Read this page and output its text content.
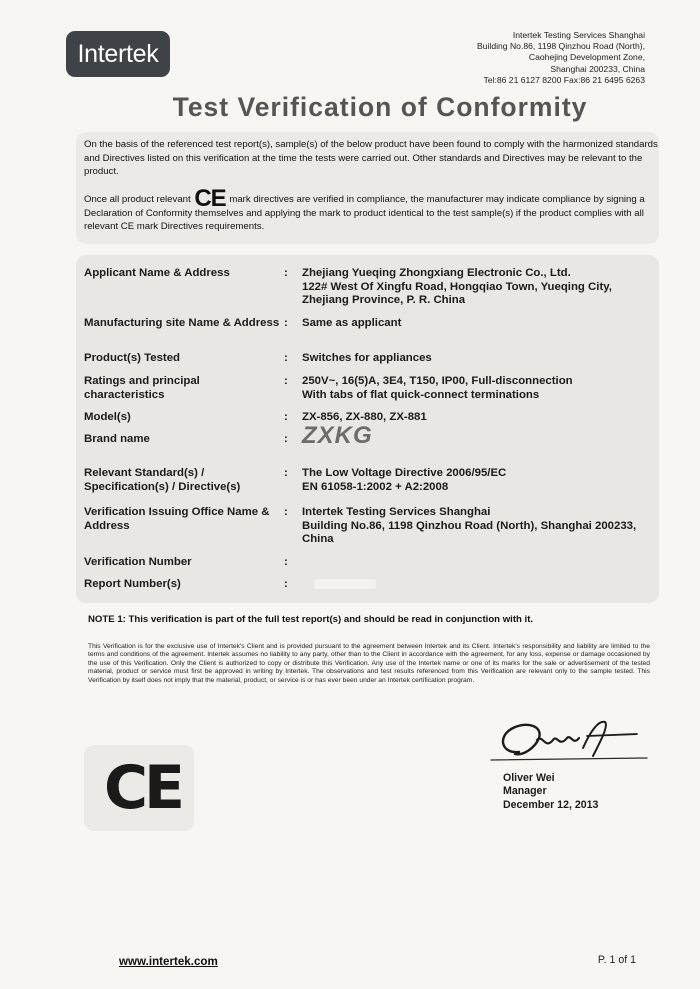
Intertek
Intertek Testing Services Shanghai
Building No.86, 1198 Qinzhou Road (North),
Caohejing Development Zone,
Shanghai 200233, China
Tel:86 21 6127 8200 Fax:86 21 6495 6263
Test Verification of Conformity

On the basis of the referenced test report(s), sample(s) of the below product have been found to comply with the harmonized standards and Directives listed on this verification at the time the tests were carried out. Other standards and Directives may be relevant to the product.

Once all product relevant CE mark directives are verified in compliance, the manufacturer may indicate compliance by signing a Declaration of Conformity themselves and applying the mark to product identical to the test sample(s) if the product complies with all relevant CE mark Directives requirements.

Applicant Name & Address	:	Zhejiang Yueqing Zhongxiang Electronic Co., Ltd.
122# West Of Xingfu Road, Hongqiao Town, Yueqing City, Zhejiang Province, P. R. China
Manufacturing site Name & Address :	Same as applicant
Product(s) Tested	:	Switches for appliances
Ratings and principal characteristics
:	250V~, 16(5)A, 3E4, T150, IP00, Full-disconnection
With tabs of flat quick-connect terminations
Model(s)	:	ZX-856, ZX-880, ZX-881
Brand name	: ZXKG
Relevant Standard(s) / Specification(s) / Directive(s)
:	The Low Voltage Directive 2006/95/EC
EN 61058-1:2002 + A2:2008
Verification Issuing Office Name & Address
:	Intertek Testing Services Shanghai
Building No.86, 1198 Qinzhou Road (North), Shanghai 200233, China
Verification Number	:
Report Number(s)	:
NOTE 1: This verification is part of the full test report(s) and should be read in conjunction with it.
This Verification is for the exclusive use of Intertek's Client and is provided pursuant to the agreement between Intertek and its Client. Intertek's responsibility and liability are limited to the terms and conditions of the agreement. Intertek assumes no liability to any party, other than to the Client in accordance with the agreement, for any loss, expense or damage occasioned by the use of this Verification. Only the Client is authorized to copy or distribute this Verification. Any use of the Intertek name or one of its marks for the sale or advertisement of the tested material, product or service must first be approved in writing by Intertek. The observations and test results referenced from this Verification are relevant only to the sample tested. This Verification by itself does not imply that the material, product, or service is or has ever been under an Intertek certification program.
CE	Oliver Wei
Manager
December 12, 2013
www.intertek.com	P. 1 of 1
